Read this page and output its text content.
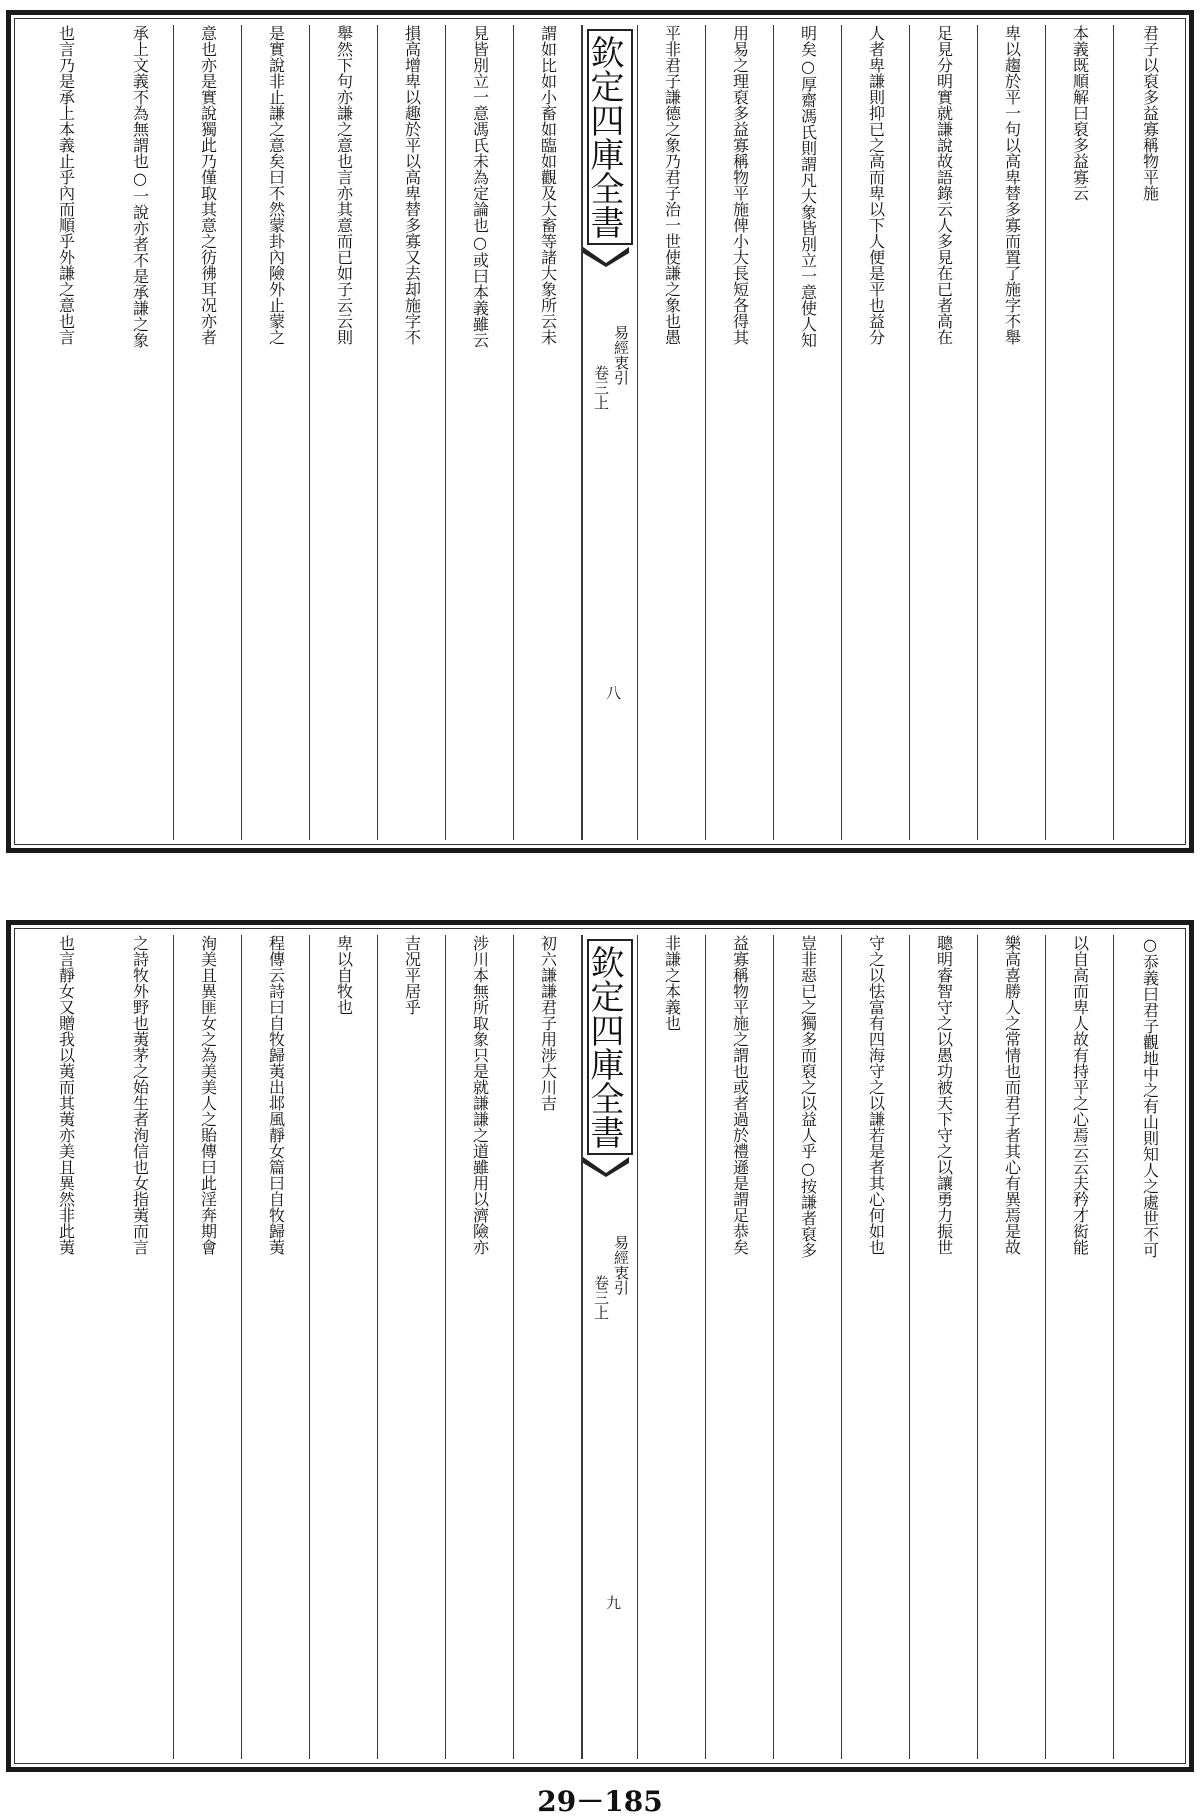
君子以裒多益寡稱物平施
本義既順解曰裒多益寡云
卑以趨於平一句以高卑替多寡而置了施字不舉
足見分明實就謙說故語錄云人多見在已者高在
人者卑謙則抑已之高而卑以下人便是平也益分
明矣○厚齋馮氏則謂凡大象皆別立一意使人知
用易之理裒多益寡稱物平施俾小大長短各得其
平非君子謙德之象乃君子治一世使謙之象也愚
欽定四庫全書
易經衷引
卷三上
八
謂如比如小畜如臨如觀及大畜等諸大象所云未
見皆別立一意馮氏未為定論也○或曰本義雖云
損高增卑以趣於平以高卑替多寡又去却施字不
舉然下句亦謙之意也言亦其意而已如子云云則
是實說非止謙之意矣曰不然蒙卦內險外止蒙之
意也亦是實說獨此乃僅取其意之彷彿耳况亦者
承上文義不為無謂也○一說亦者不是承謙之象
也言乃是承上本義止乎內而順乎外謙之意也言
○忝義曰君子觀地中之有山則知人之處世不可
以自高而卑人故有持平之心焉云云夫矜才衒能
樂高喜勝人之常情也而君子者其心有異焉是故
聰明睿智守之以愚功被天下守之以讓勇力振世
守之以怯富有四海守之以謙若是者其心何如也
豈非惡已之獨多而裒之以益人乎○按謙者裒多
益寡稱物平施之謂也或者過於禮遜是謂足恭矣
非謙之本義也
欽定四庫全書
易經衷引
卷三上
九
初六謙謙君子用涉大川吉
涉川本無所取象只是就謙謙之道雖用以濟險亦
吉况平居乎
卑以自牧也
程傳云詩曰自牧歸荑出邶風靜女篇曰自牧歸荑
洵美且異匪女之為美美人之貽傳曰此淫奔期會
之詩牧外野也荑茅之始生者洵信也女指荑而言
也言靜女又贈我以荑而其荑亦美且異然非此荑
29－185
